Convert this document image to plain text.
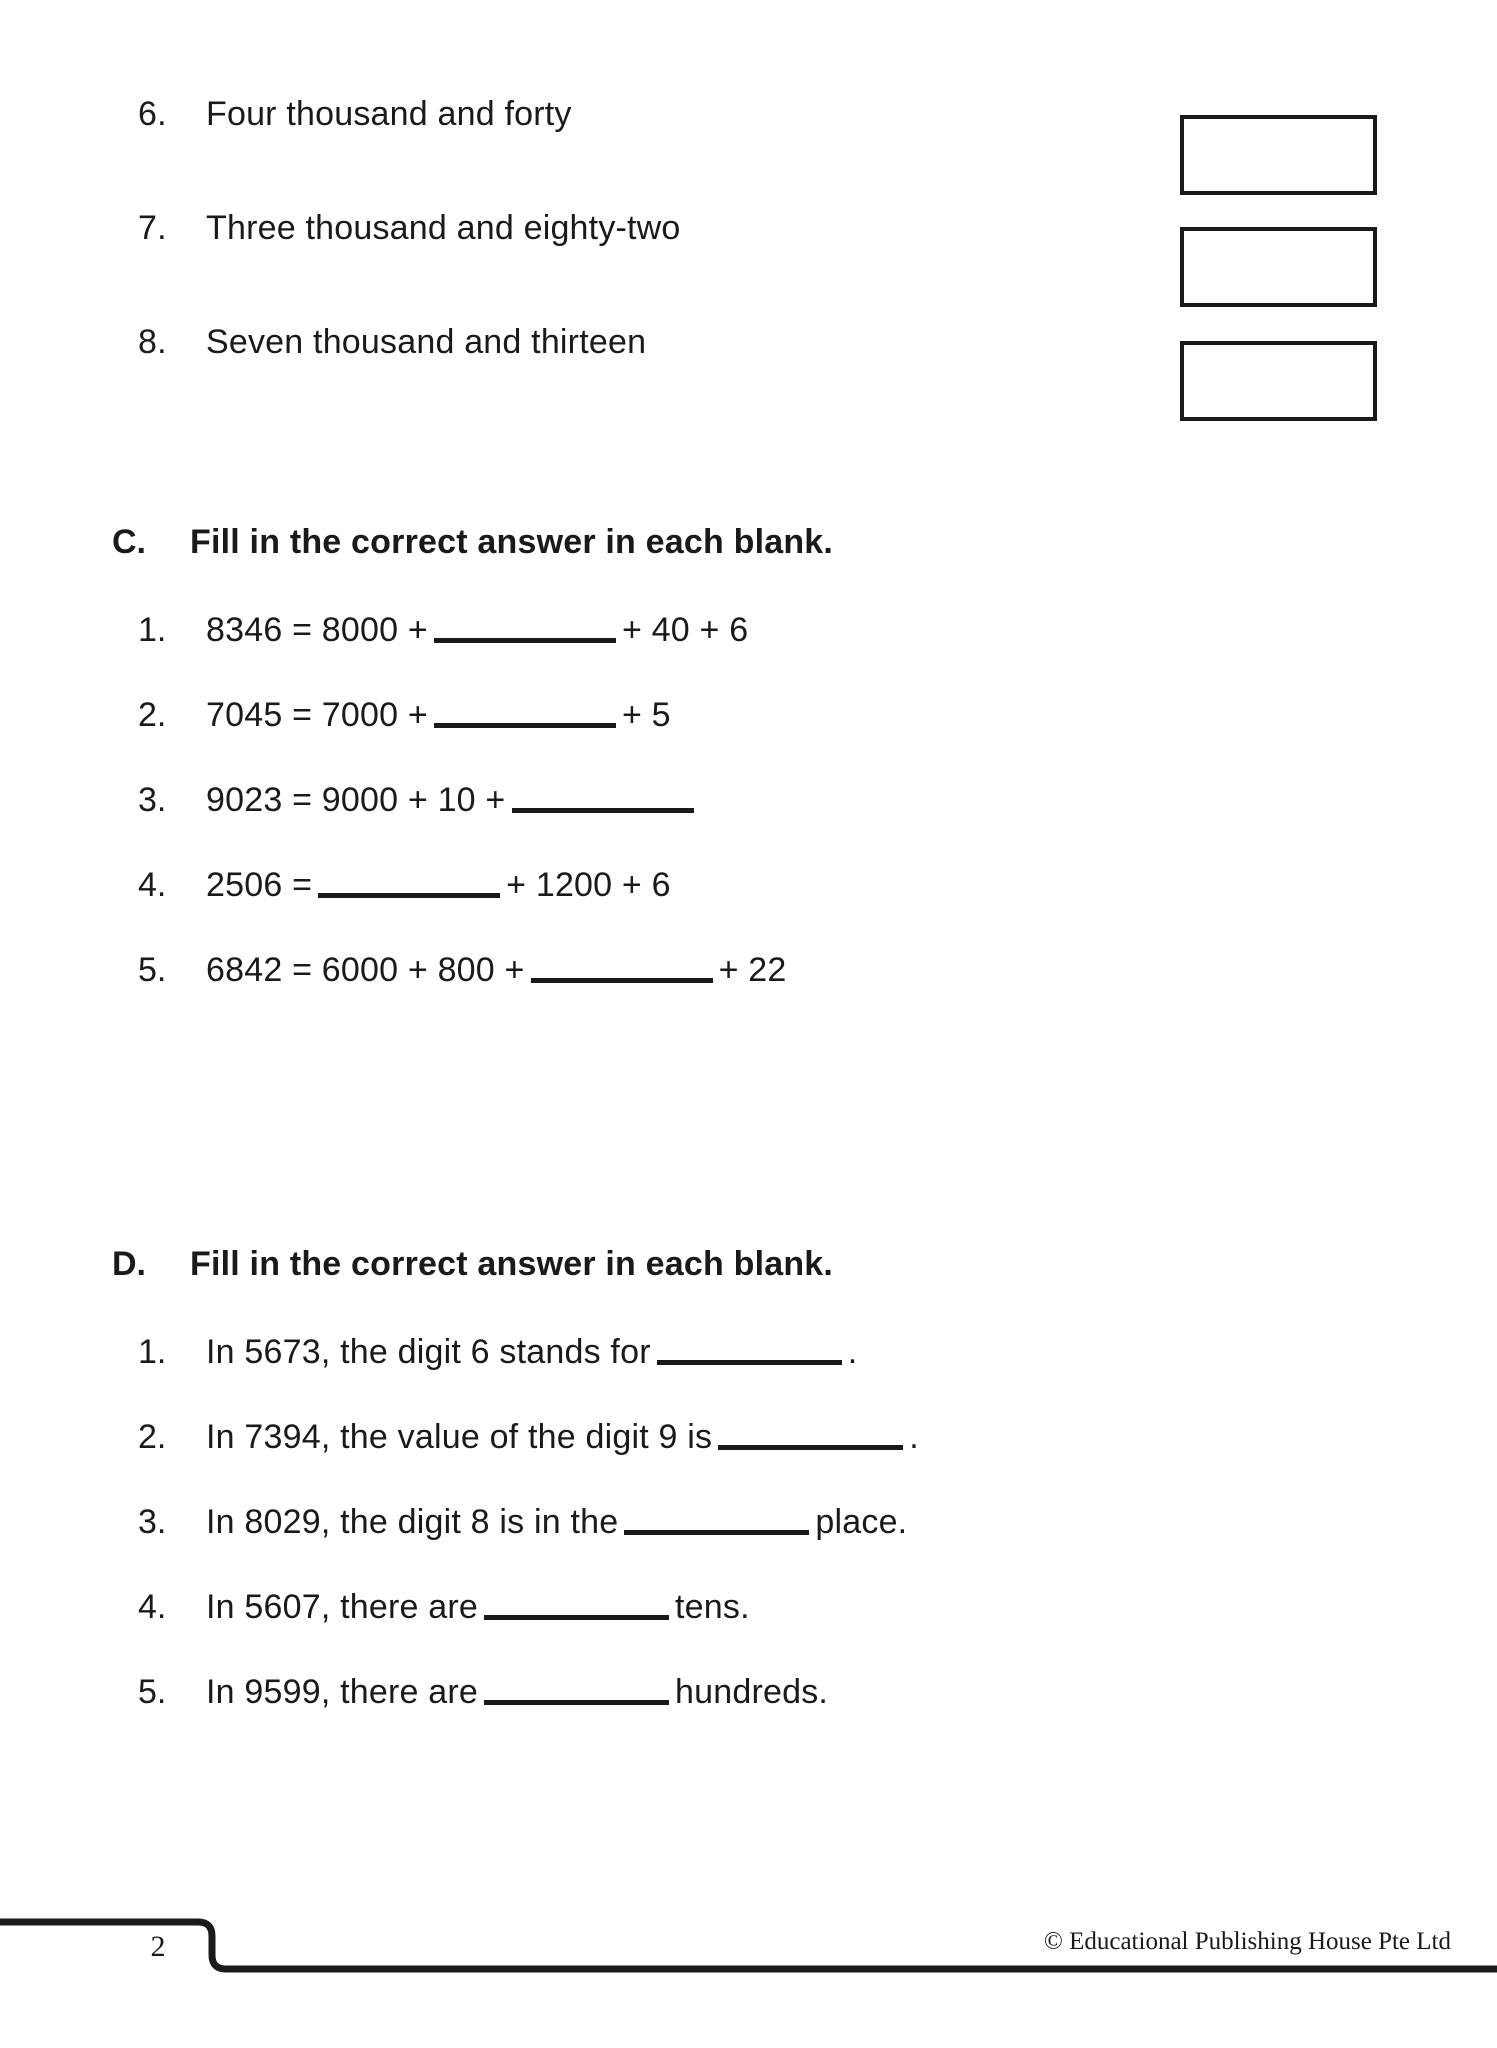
6.	Four thousand and forty
7.	Three thousand and eighty-two
8.	Seven thousand and thirteen
C.	Fill in the correct answer in each blank.
1.	8346 = 8000 +	+ 40 + 6
2.	7045 = 7000 +	+ 5
3.	9023 = 9000 + 10 +
4.	2506 =	+ 1200 + 6
5.	6842 = 6000 + 800 +	+ 22
D.	Fill in the correct answer in each blank.
1.	In 5673, the digit 6 stands for	.
2.	In 7394, the value of the digit 9 is	.
3.	In 8029, the digit 8 is in the	place.
4.	In 5607, there are	tens.
5.	In 9599, there are	hundreds.
2	© Educational Publishing House Pte Ltd
